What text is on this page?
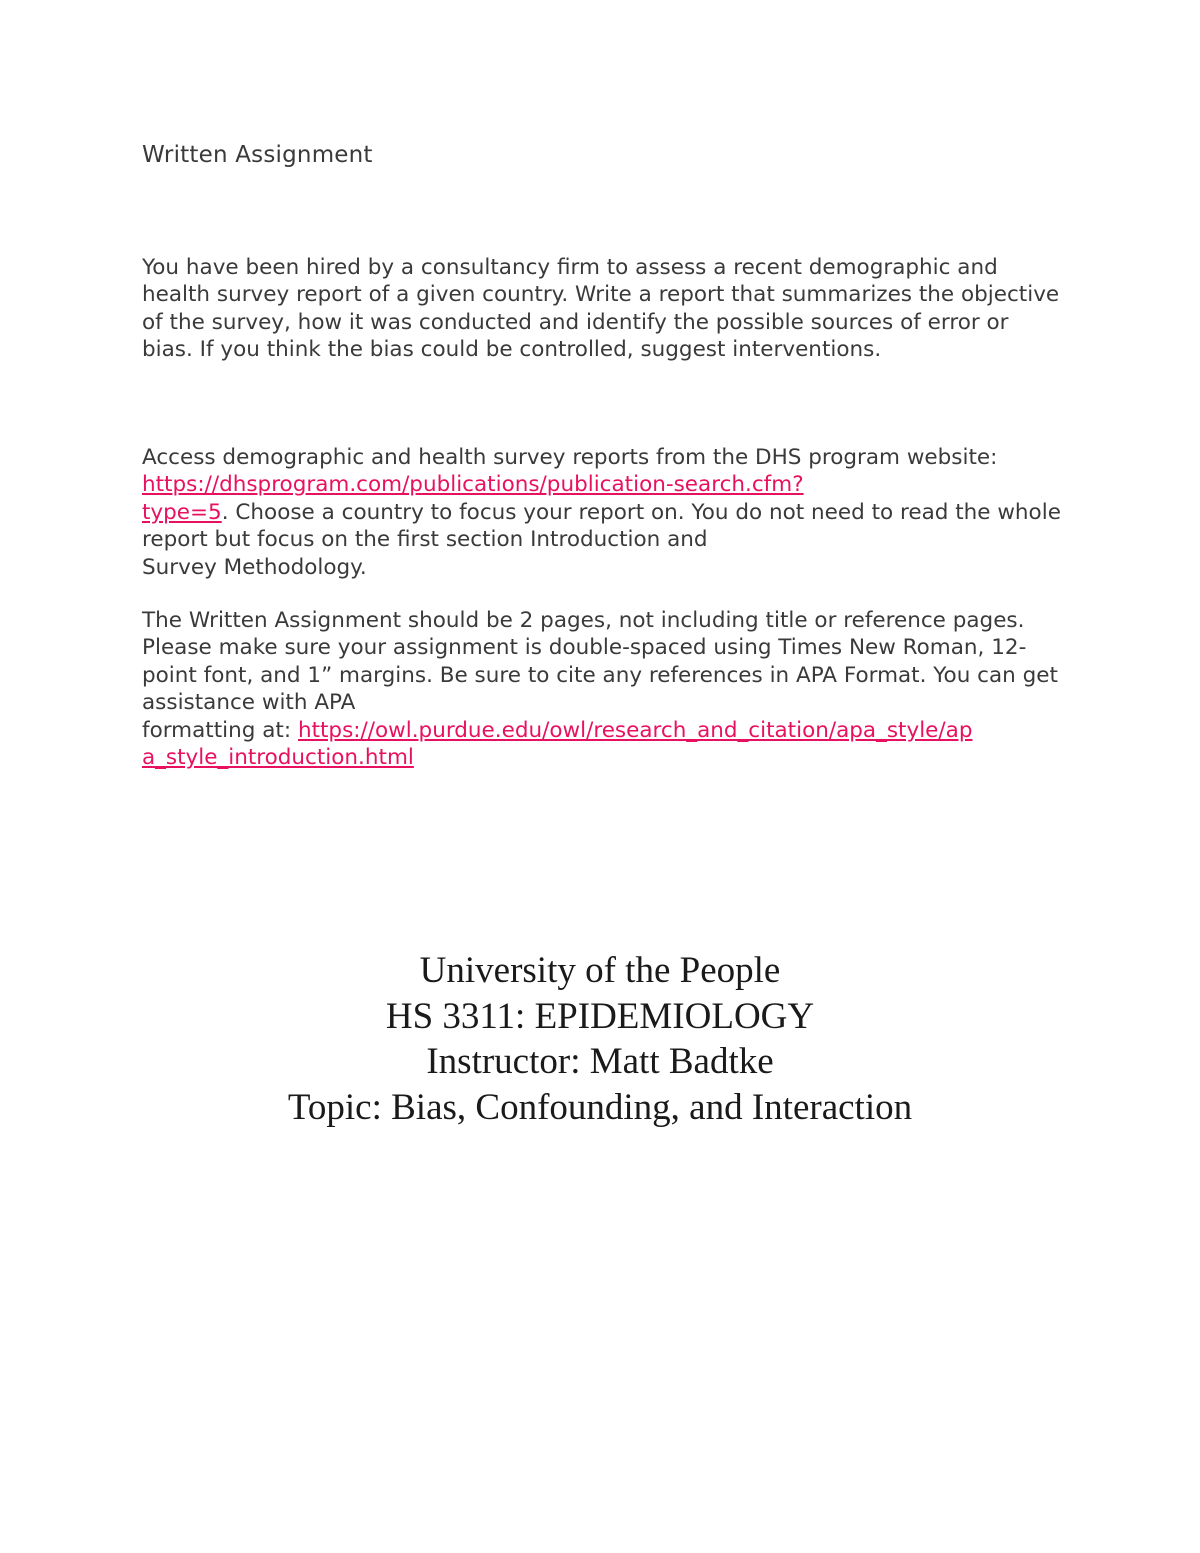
Written Assignment

You have been hired by a consultancy firm to assess a recent demographic and health survey report of a given country. Write a report that summarizes the objective of the survey, how it was conducted and identify the possible sources of error or bias. If you think the bias could be controlled, suggest interventions.

Access demographic and health survey reports from the DHS program website: https://dhsprogram.com/publications/publication-search.cfm?
type=5. Choose a country to focus your report on. You do not need to read the whole report but focus on the first section Introduction and
Survey Methodology.

The Written Assignment should be 2 pages, not including title or reference pages. Please make sure your assignment is double-spaced using Times New Roman, 12-point font, and 1” margins. Be sure to cite any references in APA Format. You can get assistance with APA
formatting at: https://owl.purdue.edu/owl/research_and_citation/apa_style/ap
a_style_introduction.html

University of the People
HS 3311: EPIDEMIOLOGY
Instructor: Matt Badtke
Topic: Bias, Confounding, and Interaction
